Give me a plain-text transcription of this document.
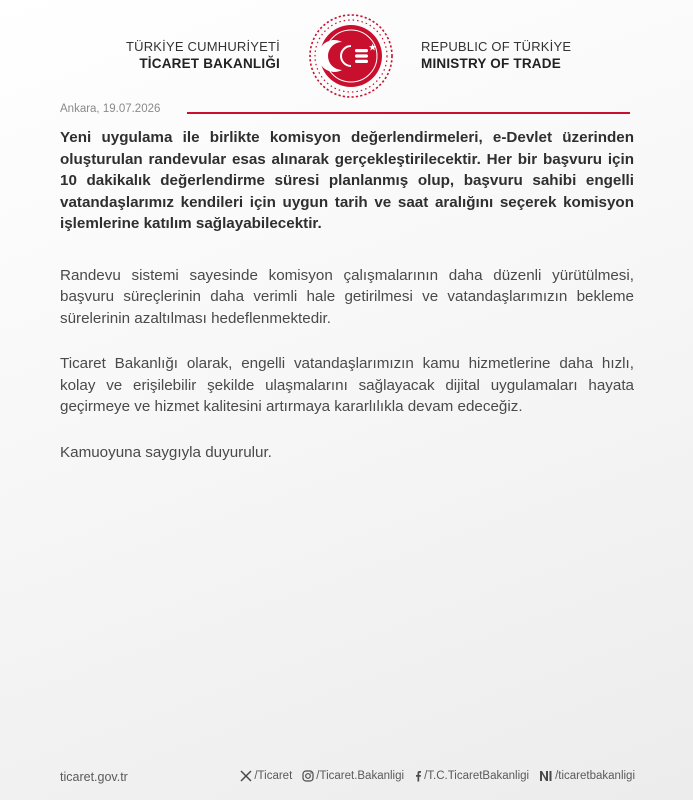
TÜRKİYE CUMHURİYETİ
TİCARET BAKANLIĞI
REPUBLIC OF TÜRKİYE
MINISTRY OF TRADE
Ankara, 19.07.2026

Yeni uygulama ile birlikte komisyon değerlendirmeleri, e-Devlet üzerinden oluşturulan randevular esas alınarak gerçekleştirilecektir. Her bir başvuru için 10 dakikalık değerlendirme süresi planlanmış olup, başvuru sahibi engelli vatandaşlarımız kendileri için uygun tarih ve saat aralığını seçerek komisyon işlemlerine katılım sağlayabilecektir.

Randevu sistemi sayesinde komisyon çalışmalarının daha düzenli yürütülmesi, başvuru süreçlerinin daha verimli hale getirilmesi ve vatandaşlarımızın bekleme sürelerinin azaltılması hedeflenmektedir.

Ticaret Bakanlığı olarak, engelli vatandaşlarımızın kamu hizmetlerine daha hızlı, kolay ve erişilebilir şekilde ulaşmalarını sağlayacak dijital uygulamaları hayata geçirmeye ve hizmet kalitesini artırmaya kararlılıkla devam edeceğiz.

Kamuoyuna saygıyla duyurulur.

ticaret.gov.tr	/Ticaret /Ticaret.Bakanligi /T.C.TicaretBakanligi /ticaretbakanligi
